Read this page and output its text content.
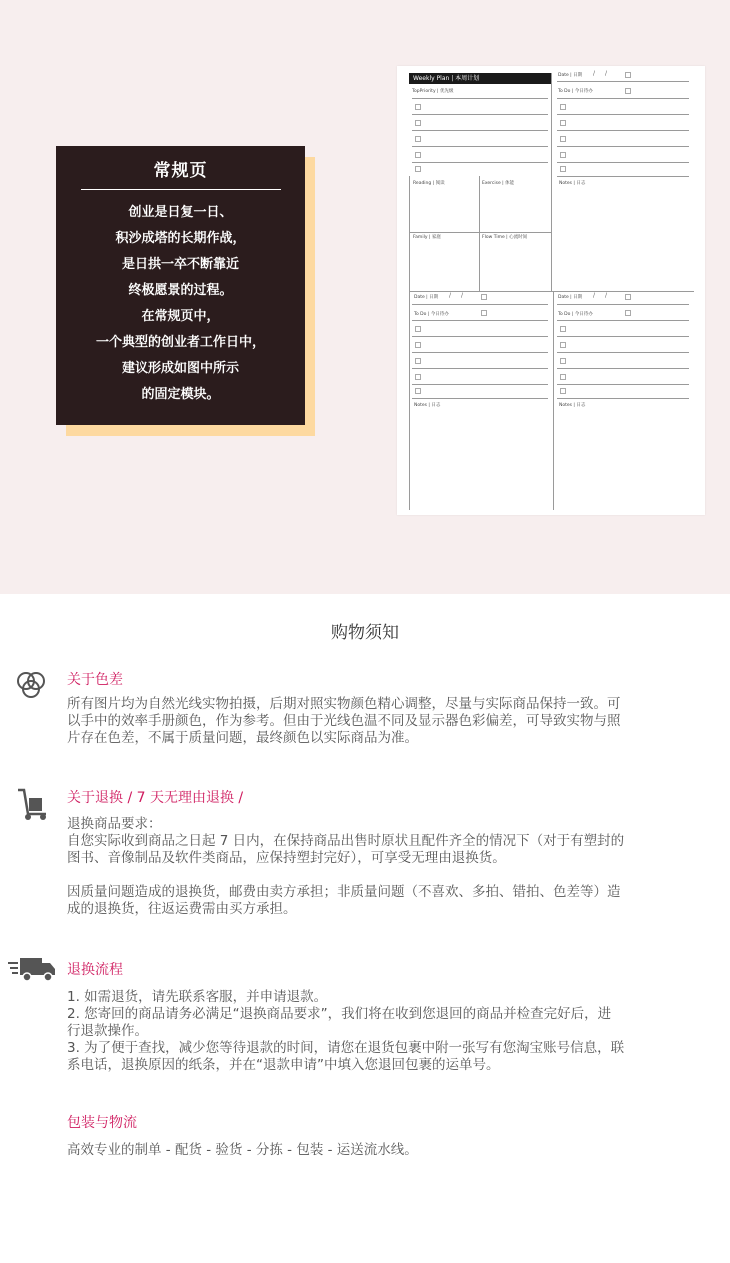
常规页
创业是日复一日、
积沙成塔的长期作战，
是日拱一卒不断靠近
终极愿景的过程。
在常规页中，
一个典型的创业者工作日中，
建议形成如图中所示
的固定模块。
Weekly Plan | 本周计划
TopPriority | 优先级
Reading | 阅读	Exercise | 体能
Family | 家庭	Flow Time | 心流时间
Date | 日期 / /
To Do | 今日待办
Notes | 日志
Date | 日期 / /
To Do | 今日待办
Notes | 日志
Date | 日期 / /
To Do | 今日待办
Notes | 日志
购物须知
关于色差
所有图片均为自然光线实物拍摄，后期对照实物颜色精心调整，尽量与实际商品保持一致。可
以手中的效率手册颜色，作为参考。但由于光线色温不同及显示器色彩偏差，可导致实物与照
片存在色差，不属于质量问题，最终颜色以实际商品为准。
关于退换 / 7 天无理由退换 /
退换商品要求：
自您实际收到商品之日起 7 日内，在保持商品出售时原状且配件齐全的情况下（对于有塑封的
图书、音像制品及软件类商品，应保持塑封完好），可享受无理由退换货。
因质量问题造成的退换货，邮费由卖方承担；非质量问题（不喜欢、多拍、错拍、色差等）造
成的退换货，往返运费需由买方承担。
退换流程
1. 如需退货，请先联系客服，并申请退款。
2. 您寄回的商品请务必满足“退换商品要求”，我们将在收到您退回的商品并检查完好后，进
行退款操作。
3. 为了便于查找，减少您等待退款的时间，请您在退货包裹中附一张写有您淘宝账号信息，联
系电话，退换原因的纸条，并在“退款申请”中填入您退回包裹的运单号。
包装与物流
高效专业的制单 - 配货 - 验货 - 分拣 - 包装 - 运送流水线。
